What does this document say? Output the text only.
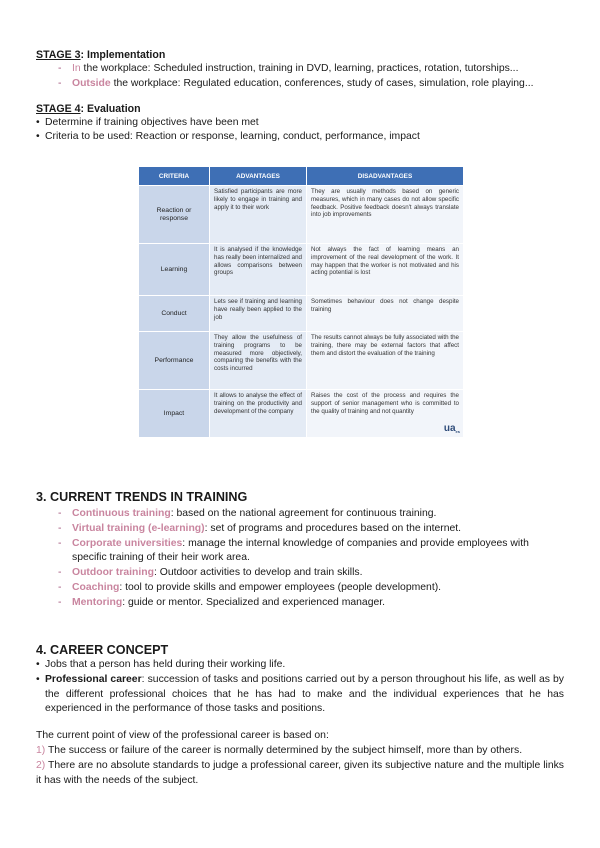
STAGE 3: Implementation

- In the workplace: Scheduled instruction, training in DVD, learning, practices, rotation, tutorships...
- Outside the workplace: Regulated education, conferences, study of cases, simulation, role playing...

STAGE 4: Evaluation

• Determine if training objectives have been met
• Criteria to be used: Reaction or response, learning, conduct, performance, impact
CRITERIA	ADVANTAGES	DISADVANTAGES
Reaction or response	Satisfied participants are more likely to engage in training and apply it to their work	They are usually methods based on generic measures, which in many cases do not allow specific feedback. Positive feedback doesn't always translate into job improvements
Learning	It is analysed if the knowledge has really been internalized and allows comparisons between groups	Not always the fact of learning means an improvement of the real development of the work. It may happen that the worker is not motivated and his acting potential is lost
Conduct	Lets see if training and learning have really been applied to the job	Sometimes behaviour does not change despite training
Performance	They allow the usefulness of training programs to be measured more objectively, comparing the benefits with the costs incurred	The results cannot always be fully associated with the training, there may be external factors that affect them and distort the evaluation of the training
Impact	It allows to analyse the effect of training on the productivity and development of the company	Raises the cost of the process and requires the support of senior management who is committed to the quality of training and not quantity
uaes

3. CURRENT TRENDS IN TRAINING

- Continuous training: based on the national agreement for continuous training.
- Virtual training (e-learning): set of programs and procedures based on the internet.
- Corporate universities: manage the internal knowledge of companies and provide employees with specific training of their heir work area.
- Outdoor training: Outdoor activities to develop and train skills.
- Coaching: tool to provide skills and empower employees (people development).
- Mentoring: guide or mentor. Specialized and experienced manager.

4. CAREER CONCEPT

• Jobs that a person has held during their working life.
• Professional career: succession of tasks and positions carried out by a person throughout his life, as well as by the different professional choices that he has had to make and the individual experiences that he has experienced in the performance of those tasks and positions.

The current point of view of the professional career is based on:

1) The success or failure of the career is normally determined by the subject himself, more than by others.

2) There are no absolute standards to judge a professional career, given its subjective nature and the multiple links it has with the needs of the subject.
